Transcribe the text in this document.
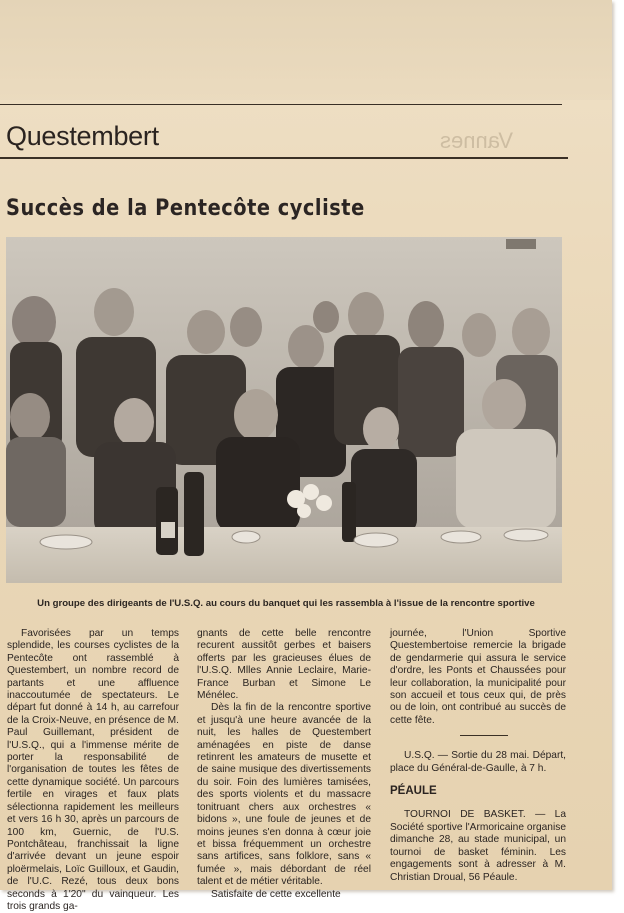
Questembert	Vannes
Succès de la Pentecôte cycliste
Un groupe des dirigeants de l'U.S.Q. au cours du banquet qui les rassembla à l'issue de la rencontre sportive

Favorisées par un temps splendide, les courses cyclistes de la Pentecôte ont rassemblé à Questembert, un nombre record de partants et une affluence inaccoutumée de spectateurs. Le départ fut donné à 14 h, au carrefour de la Croix-Neuve, en présence de M. Paul Guillemant, président de l'U.S.Q., qui a l'immense mérite de porter la responsabilité de l'organisation de toutes les fêtes de cette dynamique société. Un parcours fertile en virages et faux plats sélectionna rapidement les meilleurs et vers 16 h 30, après un parcours de 100 km, Guernic, de l'U.S. Pontchâteau, franchissait la ligne d'arrivée devant un jeune espoir ploërmelais, Loïc Guilloux, et Gaudin, de l'U.C. Rezé, tous deux bons seconds à 1'20" du vainqueur. Les trois grands ga-

gnants de cette belle rencontre recurent aussitôt gerbes et baisers offerts par les gracieuses élues de l'U.S.Q. Mlles Annie Leclaire, Marie-France Burban et Simone Le Ménélec.

Dès la fin de la rencontre sportive et jusqu'à une heure avancée de la nuit, les halles de Questembert aménagées en piste de danse retinrent les amateurs de musette et de saine musique des divertissements du soir. Foin des lumières tamisées, des sports violents et du massacre tonitruant chers aux orchestres « bidons », une foule de jeunes et de moins jeunes s'en donna à cœur joie et bissa fréquemment un orchestre sans artifices, sans folklore, sans « fumée », mais débordant de réel talent et de métier véritable.

Satisfaite de cette excellente

journée, l'Union Sportive Questembertoise remercie la brigade de gendarmerie qui assura le service d'ordre, les Ponts et Chaussées pour leur collaboration, la municipalité pour son accueil et tous ceux qui, de près ou de loin, ont contribué au succès de cette fête.

U.S.Q. — Sortie du 28 mai. Départ, place du Général-de-Gaulle, à 7 h.

PÉAULE

TOURNOI DE BASKET. — La Société sportive l'Armoricaine organise dimanche 28, au stade municipal, un tournoi de basket féminin. Les engagements sont à adresser à M. Christian Droual, 56 Péaule.
